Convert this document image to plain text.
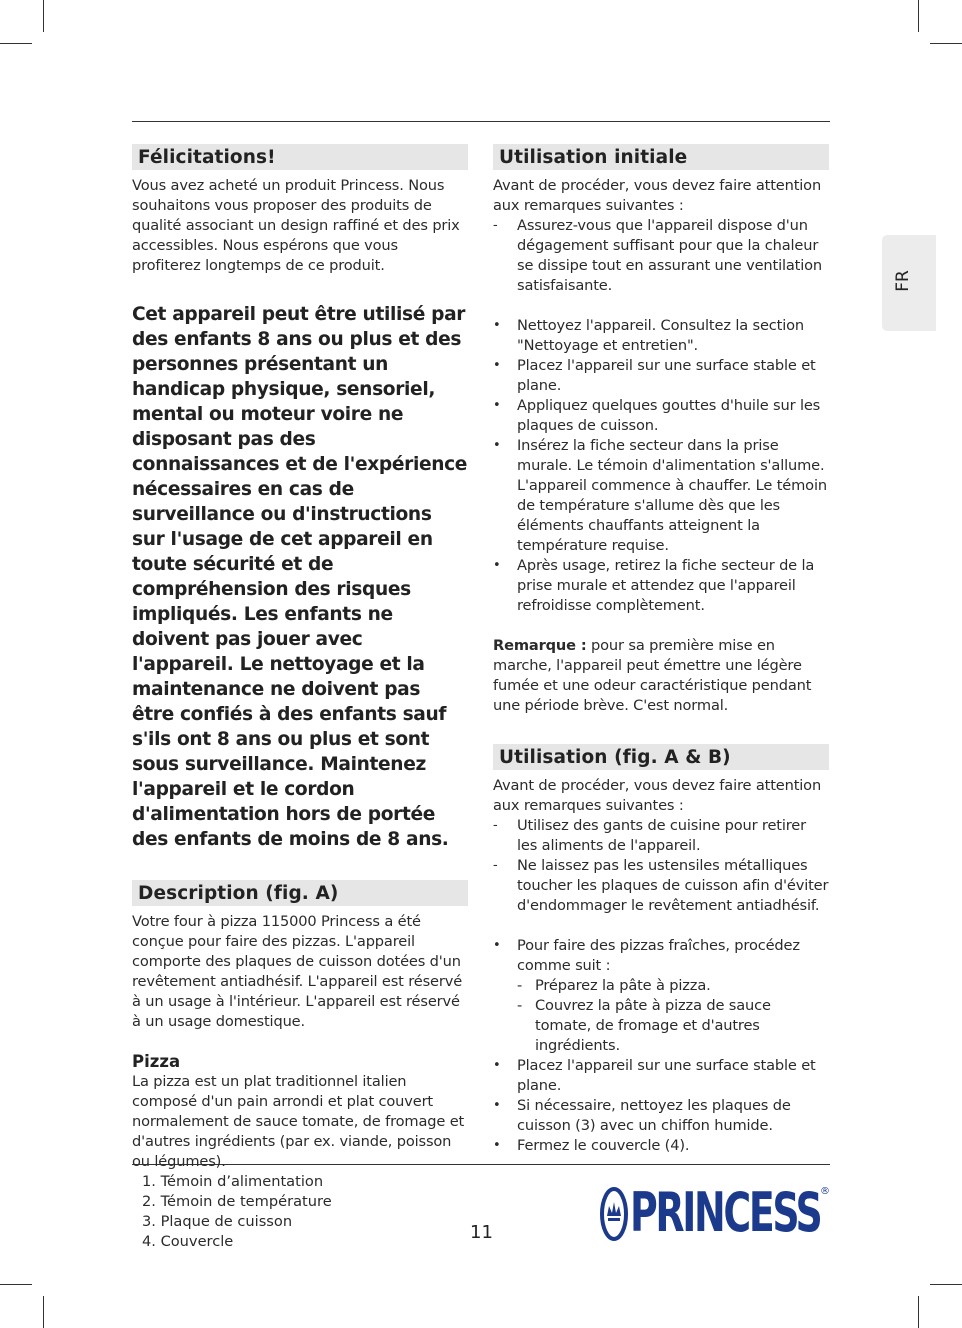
FR
Félicitations!

Vous avez acheté un produit Princess. Nous souhaitons vous proposer des produits de qualité associant un design raffiné et des prix accessibles. Nous espérons que vous profiterez longtemps de ce produit.

Cet appareil peut être utilisé par des enfants 8 ans ou plus et des personnes présentant un handicap physique, sensoriel, mental ou moteur voire ne disposant pas des connaissances et de l'expérience nécessaires en cas de surveillance ou d'instructions sur l'usage de cet appareil en toute sécurité et de compréhension des risques impliqués. Les enfants ne doivent pas jouer avec l'appareil. Le nettoyage et la maintenance ne doivent pas être confiés à des enfants sauf s'ils ont 8 ans ou plus et sont sous surveillance. Maintenez l'appareil et le cordon d'alimentation hors de portée des enfants de moins de 8 ans.

Description (fig. A)

Votre four à pizza 115000 Princess a été conçue pour faire des pizzas. L'appareil comporte des plaques de cuisson dotées d'un revêtement antiadhésif. L'appareil est réservé à un usage à l'intérieur. L'appareil est réservé à un usage domestique.

Pizza

La pizza est un plat traditionnel italien composé d'un pain arrondi et plat couvert normalement de sauce tomate, de fromage et d'autres ingrédients (par ex. viande, poisson ou légumes).

1. Témoin d’alimentation
2. Témoin de température
3. Plaque de cuisson
4. Couvercle
Utilisation initiale

Avant de procéder, vous devez faire attention aux remarques suivantes :

-	Assurez-vous que l'appareil dispose d'un dégagement suffisant pour que la chaleur se dissipe tout en assurant une ventilation satisfaisante.
•	Nettoyez l'appareil. Consultez la section "Nettoyage et entretien".
•	Placez l'appareil sur une surface stable et plane.
•	Appliquez quelques gouttes d'huile sur les plaques de cuisson.
•	Insérez la fiche secteur dans la prise murale. Le témoin d'alimentation s'allume. L'appareil commence à chauffer. Le témoin de température s'allume dès que les éléments chauffants atteignent la température requise.
•	Après usage, retirez la fiche secteur de la prise murale et attendez que l'appareil refroidisse complètement.

Remarque : pour sa première mise en marche, l'appareil peut émettre une légère fumée et une odeur caractéristique pendant une période brève. C'est normal.

Utilisation (fig. A & B)

Avant de procéder, vous devez faire attention aux remarques suivantes :

-	Utilisez des gants de cuisine pour retirer les aliments de l'appareil.
-	Ne laissez pas les ustensiles métalliques toucher les plaques de cuisson afin d'éviter d'endommager le revêtement antiadhésif.
•	Pour faire des pizzas fraîches, procédez comme suit :
- Préparez la pâte à pizza.
- Couvrez la pâte à pizza de sauce tomate, de fromage et d'autres ingrédients.
•	Placez l'appareil sur une surface stable et plane.
•	Si nécessaire, nettoyez les plaques de cuisson (3) avec un chiffon humide.
•	Fermez le couvercle (4).
11	PRINCESS ®
